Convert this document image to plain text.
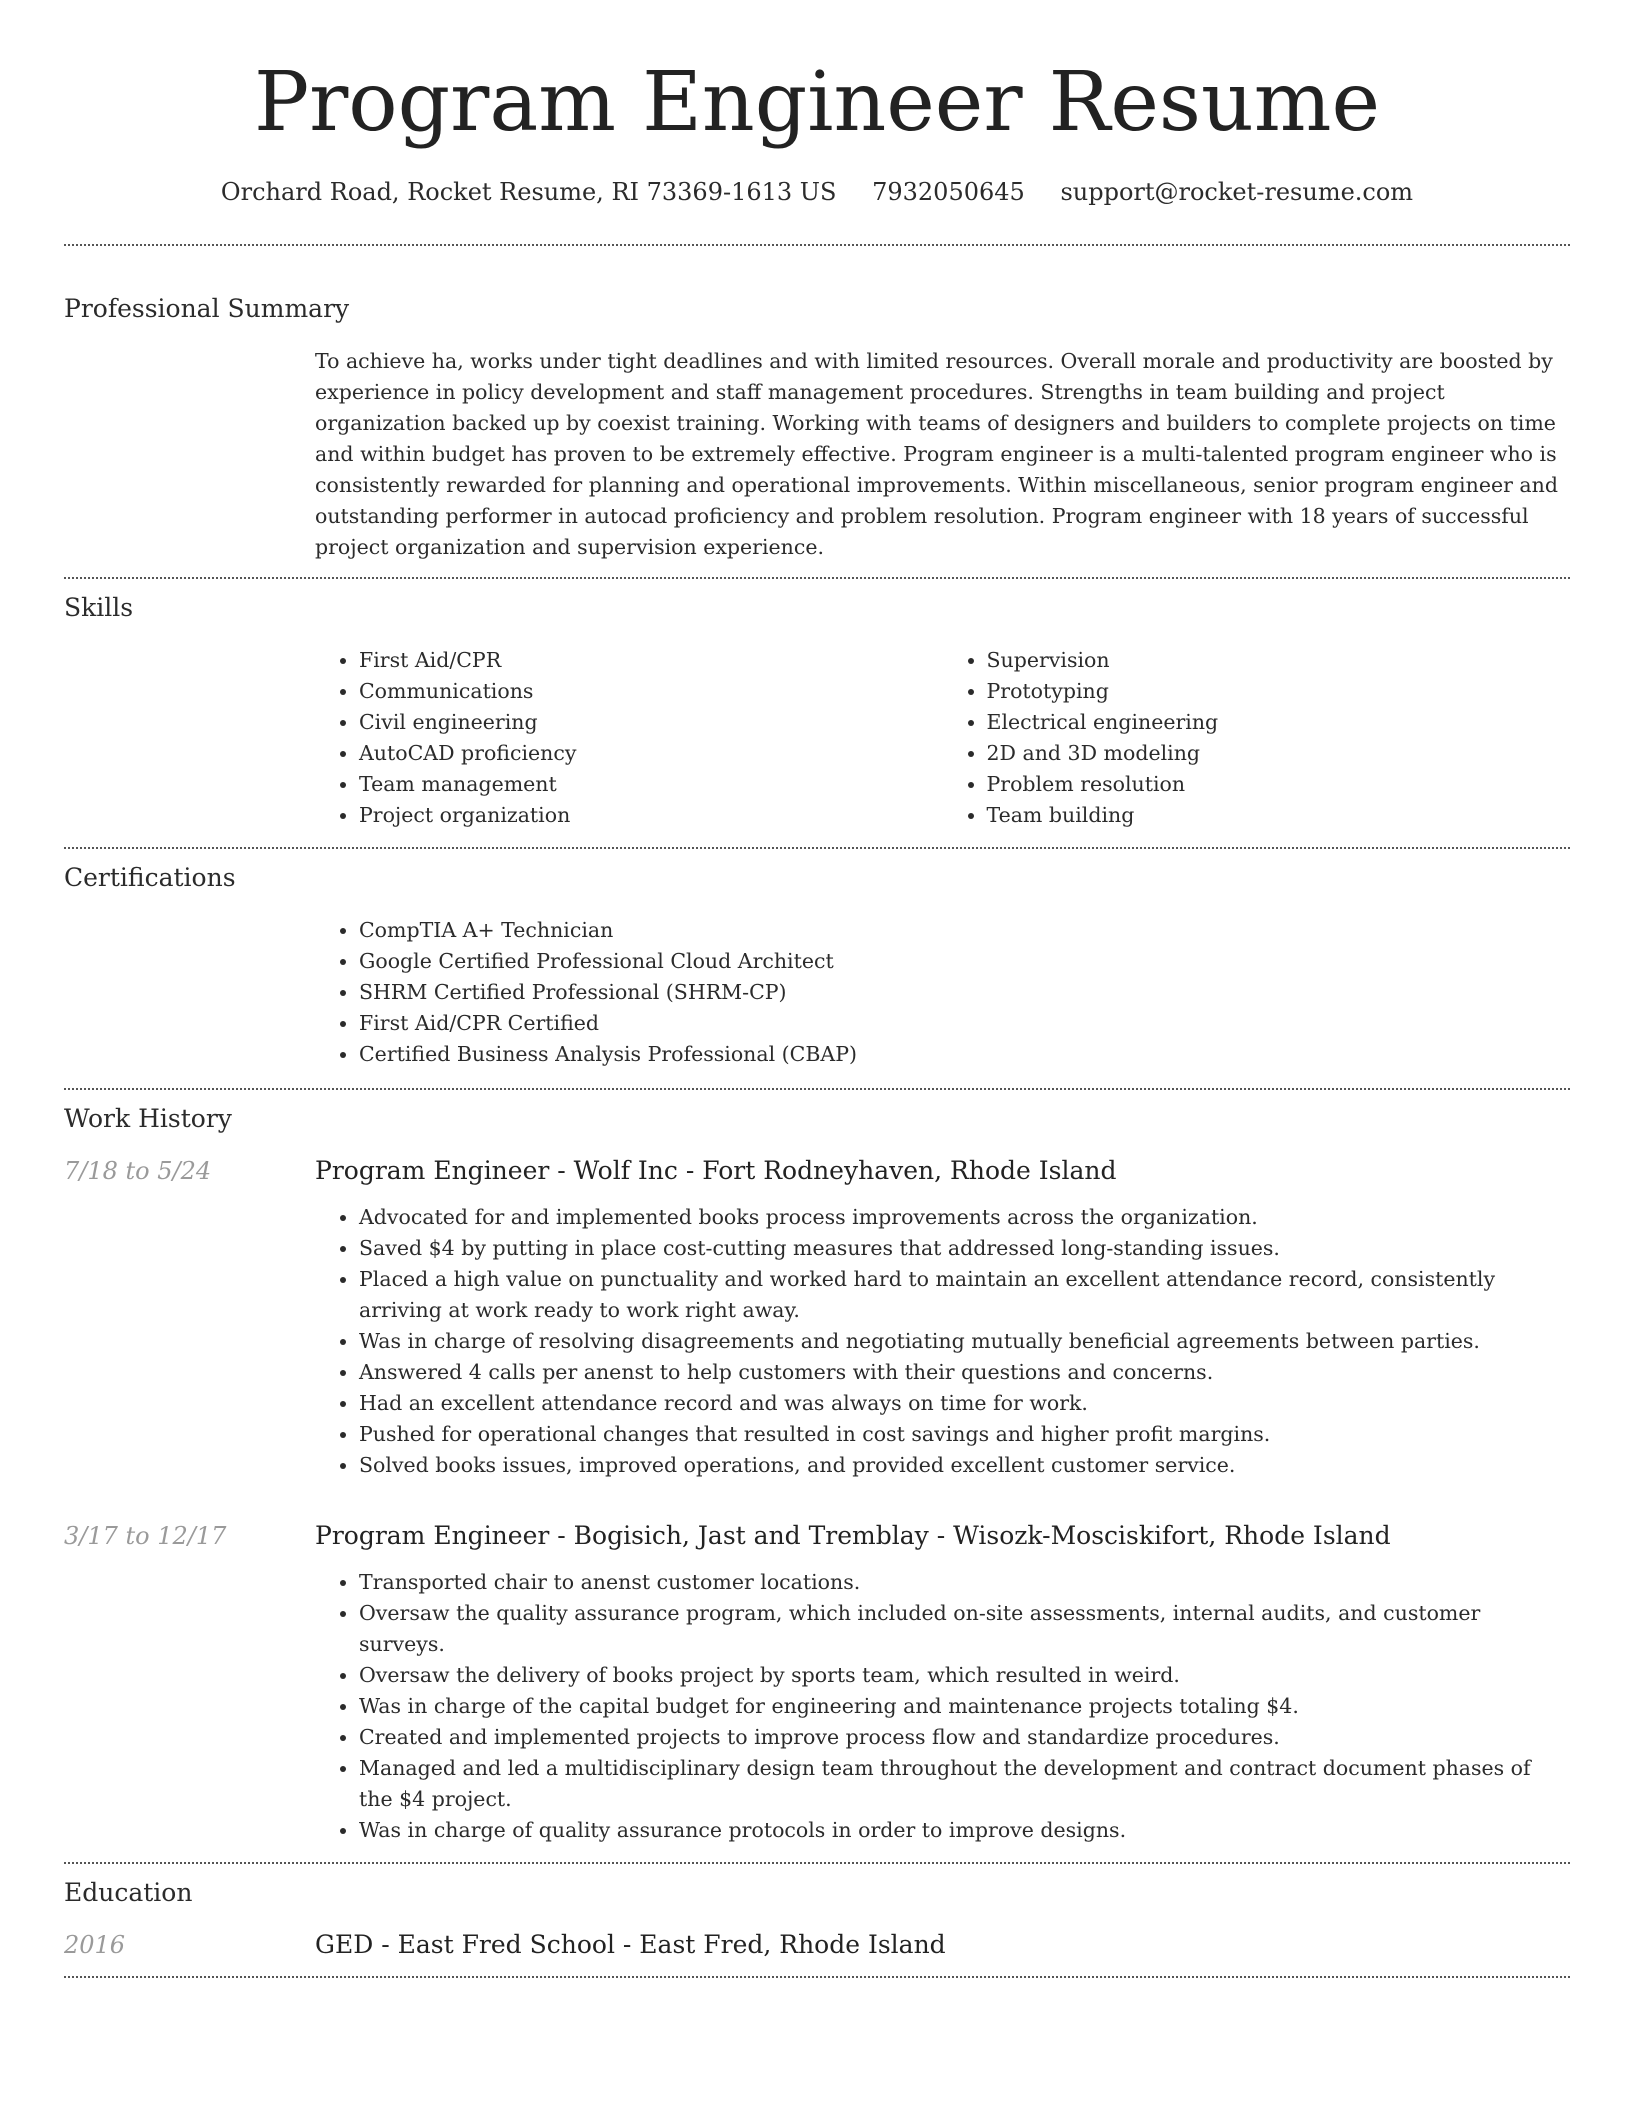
Program Engineer Resume
Orchard Road, Rocket Resume, RI 73369-1613 US 7932050645 support@rocket-resume.com
Professional Summary
To achieve ha, works under tight deadlines and with limited resources. Overall morale and productivity are boosted by experience in policy development and staff management procedures. Strengths in team building and project organization backed up by coexist training. Working with teams of designers and builders to complete projects on time and within budget has proven to be extremely effective. Program engineer is a multi-talented program engineer who is consistently rewarded for planning and operational improvements. Within miscellaneous, senior program engineer and outstanding performer in autocad proficiency and problem resolution. Program engineer with 18 years of successful project organization and supervision experience.
Skills
• First Aid/CPR
• Communications
• Civil engineering
• AutoCAD proficiency
• Team management
• Project organization
• Supervision
• Prototyping
• Electrical engineering
• 2D and 3D modeling
• Problem resolution
• Team building
Certifications
• CompTIA A+ Technician
• Google Certified Professional Cloud Architect
• SHRM Certified Professional (SHRM-CP)
• First Aid/CPR Certified
• Certified Business Analysis Professional (CBAP)
Work History
7/18 to 5/24	Program Engineer - Wolf Inc - Fort Rodneyhaven, Rhode Island
• Advocated for and implemented books process improvements across the organization.
• Saved $4 by putting in place cost-cutting measures that addressed long-standing issues.
• Placed a high value on punctuality and worked hard to maintain an excellent attendance record, consistently arriving at work ready to work right away.
• Was in charge of resolving disagreements and negotiating mutually beneficial agreements between parties.
• Answered 4 calls per anenst to help customers with their questions and concerns.
• Had an excellent attendance record and was always on time for work.
• Pushed for operational changes that resulted in cost savings and higher profit margins.
• Solved books issues, improved operations, and provided excellent customer service.
3/17 to 12/17	Program Engineer - Bogisich, Jast and Tremblay - Wisozk-Mosciskifort, Rhode Island
• Transported chair to anenst customer locations.
• Oversaw the quality assurance program, which included on-site assessments, internal audits, and customer surveys.
• Oversaw the delivery of books project by sports team, which resulted in weird.
• Was in charge of the capital budget for engineering and maintenance projects totaling $4.
• Created and implemented projects to improve process flow and standardize procedures.
• Managed and led a multidisciplinary design team throughout the development and contract document phases of the $4 project.
• Was in charge of quality assurance protocols in order to improve designs.
Education
2016	GED - East Fred School - East Fred, Rhode Island
